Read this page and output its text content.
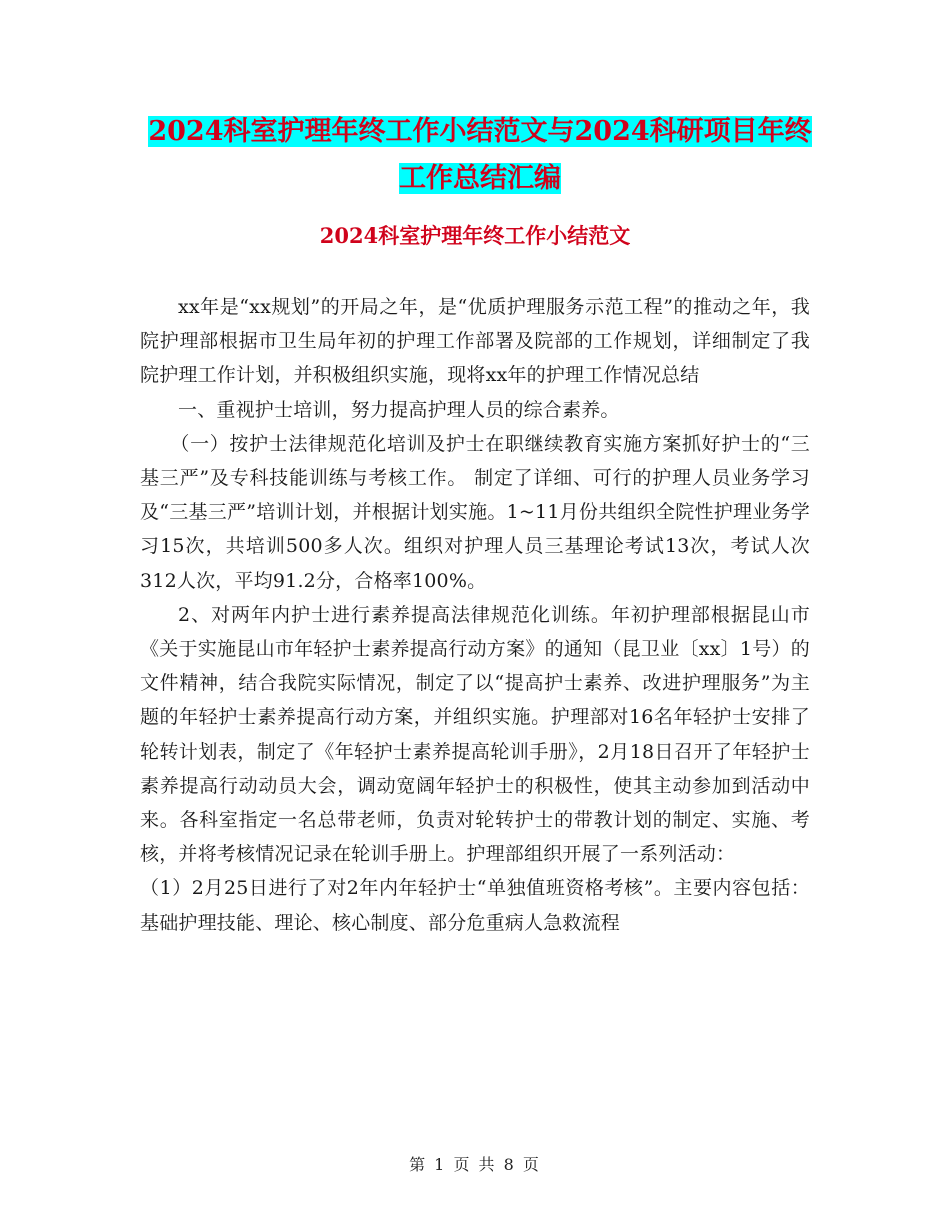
2024科室护理年终工作小结范文与2024科研项目年终工作总结汇编
2024科室护理年终工作小结范文

xx年是“xx规划”的开局之年，是“优质护理服务示范工程”的推动之年，我院护理部根据市卫生局年初的护理工作部署及院部的工作规划，详细制定了我院护理工作计划，并积极组织实施，现将xx年的护理工作情况总结

一、重视护士培训，努力提高护理人员的综合素养。

（一）按护士法律规范化培训及护士在职继续教育实施方案抓好护士的“三基三严”及专科技能训练与考核工作。 制定了详细、可行的护理人员业务学习及“三基三严”培训计划，并根据计划实施。1~11月份共组织全院性护理业务学习15次，共培训500多人次。组织对护理人员三基理论考试13次，考试人次312人次，平均91.2分，合格率100%。

2、对两年内护士进行素养提高法律规范化训练。年初护理部根据昆山市《关于实施昆山市年轻护士素养提高行动方案》的通知（昆卫业〔xx〕1号）的文件精神，结合我院实际情况，制定了以“提高护士素养、改进护理服务”为主题的年轻护士素养提高行动方案，并组织实施。护理部对16名年轻护士安排了轮转计划表，制定了《年轻护士素养提高轮训手册》，2月18日召开了年轻护士素养提高行动动员大会，调动宽阔年轻护士的积极性，使其主动参加到活动中来。各科室指定一名总带老师，负责对轮转护士的带教计划的制定、实施、考核，并将考核情况记录在轮训手册上。护理部组织开展了一系列活动：

（1）2月25日进行了对2年内年轻护士“单独值班资格考核”。主要内容包括：基础护理技能、理论、核心制度、部分危重病人急救流程

第 1 页 共 8 页
